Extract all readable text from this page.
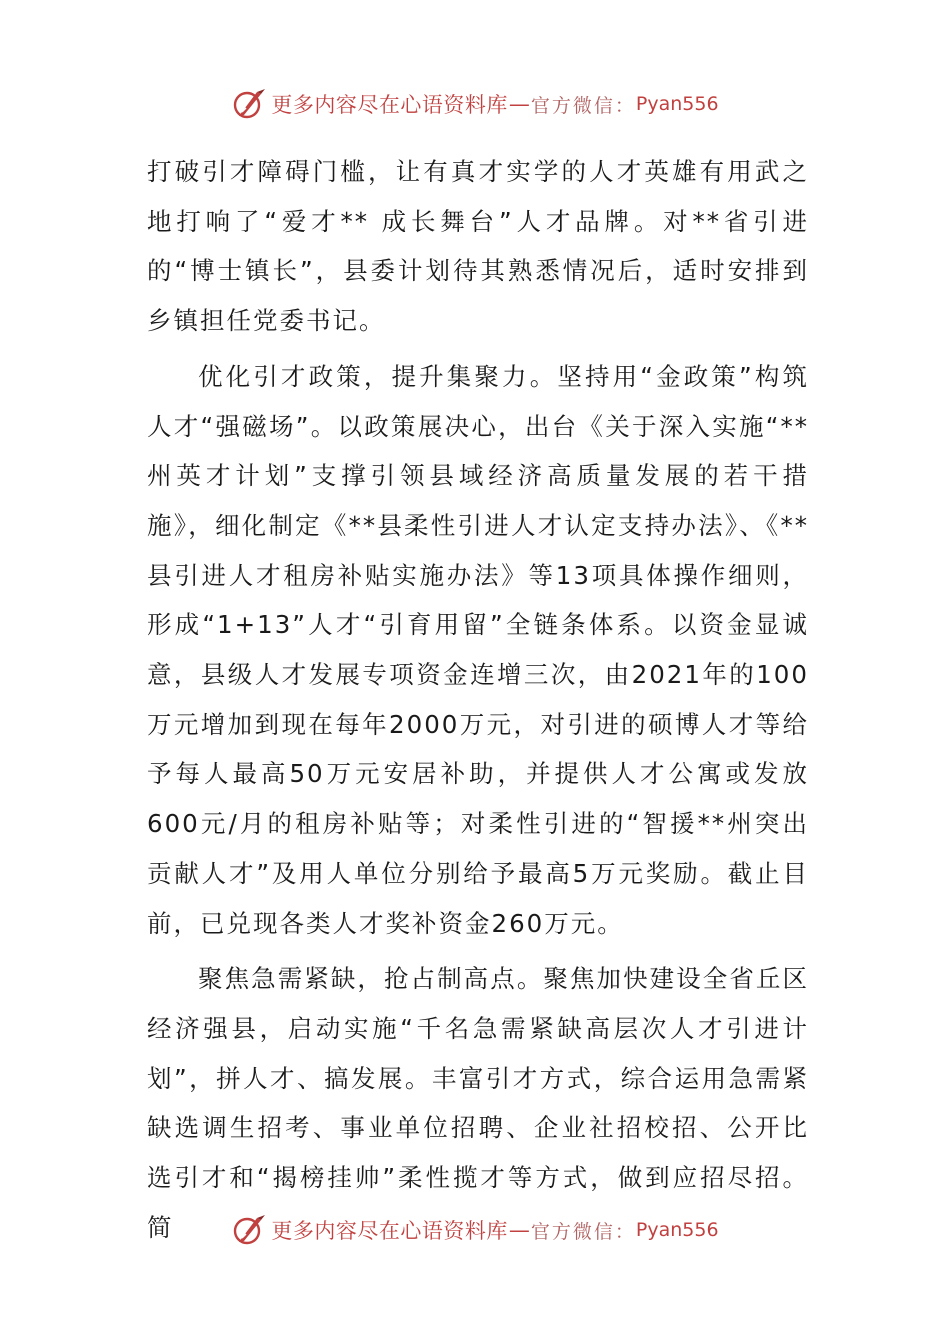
更多内容尽在心语资料库 — 官方微信： Pyan556

打破引才障碍门槛，让有真才实学的人才英雄有用武之地打响了“爱才** 成长舞台”人才品牌。对**省引进的“博士镇长”，县委计划待其熟悉情况后，适时安排到乡镇担任党委书记。

优化引才政策，提升集聚力。坚持用“金政策”构筑人才“强磁场”。以政策展决心，出台《关于深入实施“**州英才计划”支撑引领县域经济高质量发展的若干措施》，细化制定《**县柔性引进人才认定支持办法》、《**县引进人才租房补贴实施办法》等13项具体操作细则，形成“1+13”人才“引育用留”全链条体系。以资金显诚意，县级人才发展专项资金连增三次，由2021年的100万元增加到现在每年2000万元，对引进的硕博人才等给予每人最高50万元安居补助，并提供人才公寓或发放600元/月的租房补贴等；对柔性引进的“智援**州突出贡献人才”及用人单位分别给予最高5万元奖励。截止目前，已兑现各类人才奖补资金260万元。

聚焦急需紧缺，抢占制高点。聚焦加快建设全省丘区经济强县，启动实施“千名急需紧缺高层次人才引进计划”，拼人才、搞发展。丰富引才方式，综合运用急需紧缺选调生招考、事业单位招聘、企业社招校招、公开比选引才和“揭榜挂帅”柔性揽才等方式，做到应招尽招。简	更多内容尽在心语资料库 — 官方微信： Pyan556
